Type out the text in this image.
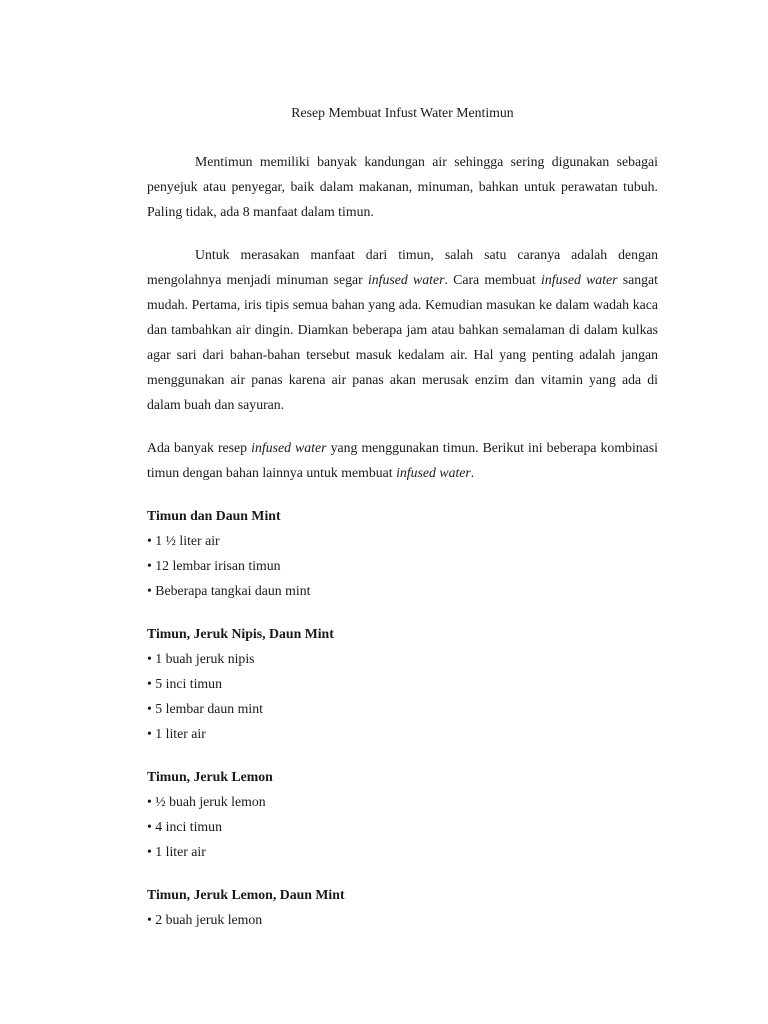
Resep Membuat Infust Water Mentimun

Mentimun memiliki banyak kandungan air sehingga sering digunakan sebagai penyejuk atau penyegar, baik dalam makanan, minuman, bahkan untuk perawatan tubuh. Paling tidak, ada 8 manfaat dalam timun.

Untuk merasakan manfaat dari timun, salah satu caranya adalah dengan mengolahnya menjadi minuman segar infused water. Cara membuat infused water sangat mudah. Pertama, iris tipis semua bahan yang ada. Kemudian masukan ke dalam wadah kaca dan tambahkan air dingin. Diamkan beberapa jam atau bahkan semalaman di dalam kulkas agar sari dari bahan-bahan tersebut masuk kedalam air. Hal yang penting adalah jangan menggunakan air panas karena air panas akan merusak enzim dan vitamin yang ada di dalam buah dan sayuran.

Ada banyak resep infused water yang menggunakan timun. Berikut ini beberapa kombinasi timun dengan bahan lainnya untuk membuat infused water.

Timun dan Daun Mint

• 1 ½ liter air
• 12 lembar irisan timun
• Beberapa tangkai daun mint

Timun, Jeruk Nipis, Daun Mint

• 1 buah jeruk nipis
• 5 inci timun
• 5 lembar daun mint
• 1 liter air

Timun, Jeruk Lemon

• ½ buah jeruk lemon
• 4 inci timun
• 1 liter air

Timun, Jeruk Lemon, Daun Mint

• 2 buah jeruk lemon
